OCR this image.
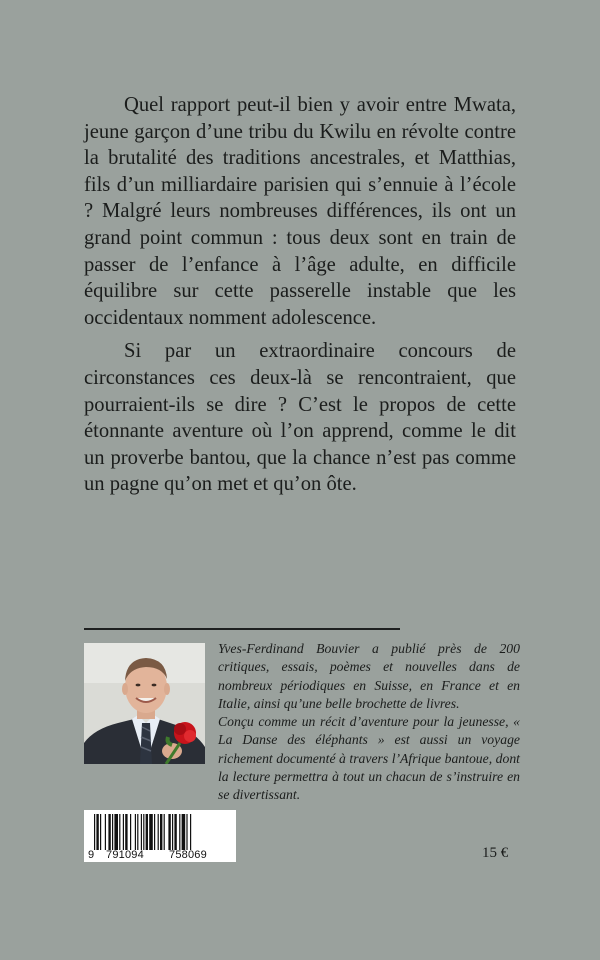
Quel rapport peut-il bien y avoir entre Mwata, jeune garçon d’une tribu du Kwilu en révolte contre la brutalité des traditions ancestrales, et Matthias, fils d’un milliardaire parisien qui s’ennuie à l’école ? Malgré leurs nombreuses différences, ils ont un grand point commun : tous deux sont en train de passer de l’enfance à l’âge adulte, en difficile équilibre sur cette passerelle instable que les occidentaux nomment adolescence.

Si par un extraordinaire concours de circonstances ces deux-là se rencontraient, que pourraient-ils se dire ? C’est le propos de cette étonnante aventure où l’on apprend, comme le dit un proverbe bantou, que la chance n’est pas comme un pagne qu’on met et qu’on ôte.

Yves-Ferdinand Bouvier a publié près de 200 critiques, essais, poèmes et nouvelles dans de nombreux périodiques en Suisse, en France et en Italie, ainsi qu’une belle brochette de livres.

Conçu comme un récit d’aventure pour la jeunesse, « La Danse des éléphants » est aussi un voyage richement documenté à travers l’Afrique bantoue, dont la lecture permettra à tout un chacun de s’instruire en se divertissant.

9 791094 758069	15 €
